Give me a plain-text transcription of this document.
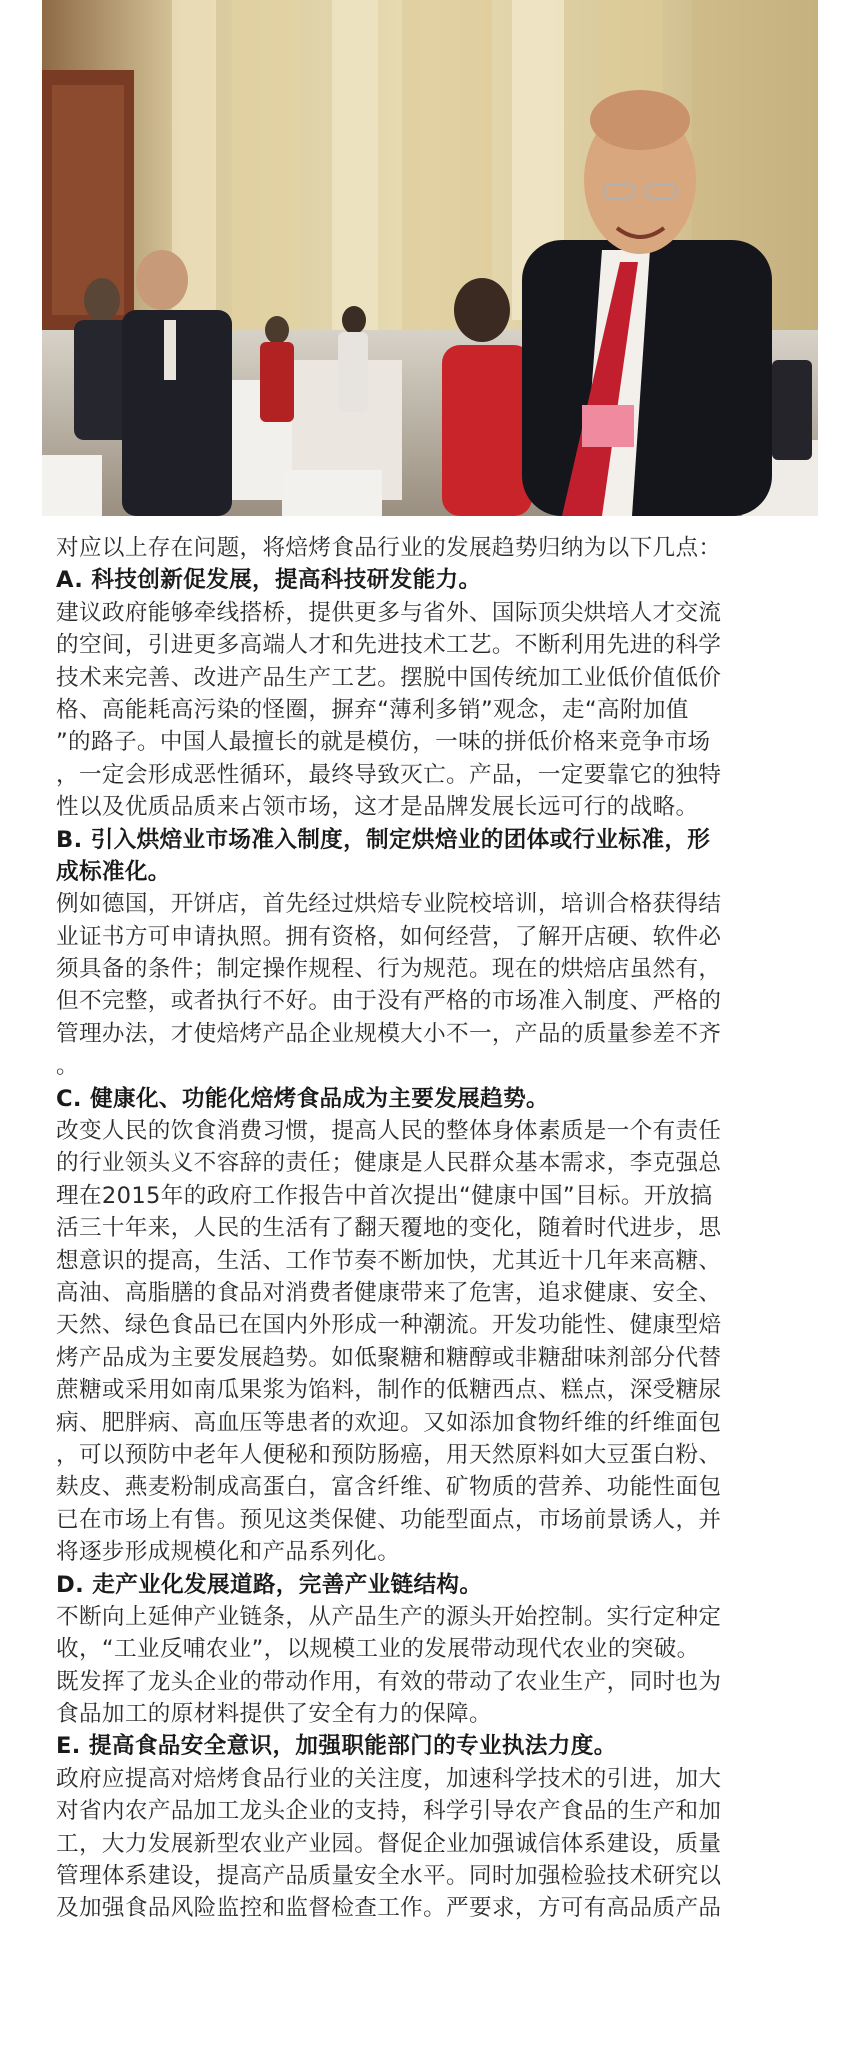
对应以上存在问题，将焙烤食品行业的发展趋势归纳为以下几点：

A. 科技创新促发展，提高科技研发能力。

建议政府能够牵线搭桥，提供更多与省外、国际顶尖烘培人才交流

的空间，引进更多高端人才和先进技术工艺。不断利用先进的科学

技术来完善、改进产品生产工艺。摆脱中国传统加工业低价值低价

格、高能耗高污染的怪圈，摒弃“薄利多销”观念，走“高附加值

”的路子。中国人最擅长的就是模仿，一味的拼低价格来竞争市场

，一定会形成恶性循环，最终导致灭亡。产品，一定要靠它的独特

性以及优质品质来占领市场，这才是品牌发展长远可行的战略。

B. 引入烘焙业市场准入制度，制定烘焙业的团体或行业标准，形

成标准化。

例如德国，开饼店，首先经过烘焙专业院校培训，培训合格获得结

业证书方可申请执照。拥有资格，如何经营，了解开店硬、软件必

须具备的条件；制定操作规程、行为规范。现在的烘焙店虽然有，

但不完整，或者执行不好。由于没有严格的市场准入制度、严格的

管理办法，才使焙烤产品企业规模大小不一，产品的质量参差不齐

。

C. 健康化、功能化焙烤食品成为主要发展趋势。

改变人民的饮食消费习惯，提高人民的整体身体素质是一个有责任

的行业领头义不容辞的责任；健康是人民群众基本需求，李克强总

理在2015年的政府工作报告中首次提出“健康中国”目标。开放搞

活三十年来，人民的生活有了翻天覆地的变化，随着时代进步，思

想意识的提高，生活、工作节奏不断加快，尤其近十几年来高糖、

高油、高脂膳的食品对消费者健康带来了危害，追求健康、安全、

天然、绿色食品已在国内外形成一种潮流。开发功能性、健康型焙

烤产品成为主要发展趋势。如低聚糖和糖醇或非糖甜味剂部分代替

蔗糖或采用如南瓜果浆为馅料，制作的低糖西点、糕点，深受糖尿

病、肥胖病、高血压等患者的欢迎。又如添加食物纤维的纤维面包

，可以预防中老年人便秘和预防肠癌，用天然原料如大豆蛋白粉、

麸皮、燕麦粉制成高蛋白，富含纤维、矿物质的营养、功能性面包

已在市场上有售。预见这类保健、功能型面点，市场前景诱人，并

将逐步形成规模化和产品系列化。

D. 走产业化发展道路，完善产业链结构。

不断向上延伸产业链条，从产品生产的源头开始控制。实行定种定

收，“工业反哺农业”，以规模工业的发展带动现代农业的突破。

既发挥了龙头企业的带动作用，有效的带动了农业生产，同时也为

食品加工的原材料提供了安全有力的保障。

E. 提高食品安全意识，加强职能部门的专业执法力度。

政府应提高对焙烤食品行业的关注度，加速科学技术的引进，加大

对省内农产品加工龙头企业的支持，科学引导农产食品的生产和加

工，大力发展新型农业产业园。督促企业加强诚信体系建设，质量

管理体系建设，提高产品质量安全水平。同时加强检验技术研究以

及加强食品风险监控和监督检查工作。严要求，方可有高品质产品
